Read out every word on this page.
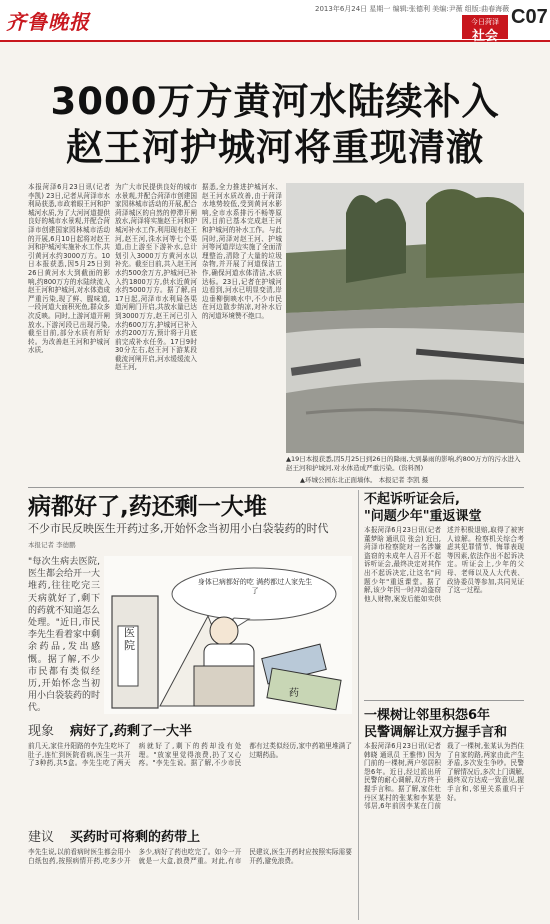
齐鲁晚报
2013年6月24日 星期一 编辑:张德利 美编:尹薇 组版:曲春海薇
今日菏泽
社会
C07
3000万方黄河水陆续补入
赵王河护城河将重现清澈
本报菏泽6月23日讯(记者 李凯) 23日,记者从菏泽市水利局获悉,市政着眼王河和护城河水质,为了大河河道提供良好的城市水景观,并配合菏泽市创建国家园林城市活动的开展,6月10日起将对赵王河和护城河实施补水工作,共引黄河水约3000万方。10日本报获悉,因5月25日到26日黄河水大到截面的影响,约800万方的水陆续流入赵王河和护城河,对水体造成严重污染,现了鲜、腥味道,一段河道大面积死鱼,群众多次反映。同时,上游河道开闸放水,下游河段已出现污染,截至目前,部分水质有所好转。为改善赵王河和护城河水质,
为广大市民提供良好的城市水景观,并配合菏泽市创建国家园林城市活动的开展,配合菏泽城区的自然的停滞开闸放水,菏泽将实施赵王河和护城河补水工作,利用现有赵王河,赵王河,洙水河等七个渠道,由上游至下游补水,总计划引入3000万方黄河水以补充。截至目前,共入赵王河水约500余万方,护城河已补入约1800万方,供水近黄河水约5000万方。据了解,自17日起,菏泽市水利局各渠道河闸门开启,共放水量已达到3000万方,赵王河已引入水约600万方,护城河已补入水约200万方,预计将于月底前完成补水任务。17日9时30分左右,赵王河下游某段截流河闸开启,河水缓缓流入赵王河,
据悉,全力推进护城河水、赵王河水质改善,由于菏泽水地势较低,受到黄河水影响,全市水系排污不畅等原因,目前已基本完成赵王河和护城河的补水工作。与此同时,菏泽对赵王河、护城河等河道岸边实施了全面清理整治,清除了大量的垃圾杂物,并开展了河道保洁工作,确保河道水体清洁,水质达标。23日,记者在护城河边看到,河水已明显变清,岸边垂柳倒映水中,不少市民在河边散步纳凉,对补水后的河道环境赞不绝口。
▲19日本报获悉,因5月25日到26日的降雨,大到暴雨的影响,约800万方的污水进入赵王河和护城河,对水体造成严重污染。(资料图)
▲环城公园东北正面墙体。 本报记者 李凯 摄
病都好了,药还剩一大堆
不少市民反映医生开药过多,开始怀念当初用小白袋装药的时代
本报记者 李德鹏
"每次生病去医院,医生都会给开一大堆药,往往吃完三天病就好了,剩下的药就不知道怎么处理。"近日,市民李先生看着家中剩余药品,发出感慨。据了解,不少市民都有类似经历,开始怀念当初用小白袋装药的时代。
身体已病都好的吃 满药都过人家先生了
医院
药
现象 病好了,药剩了一大半
前几天,家住丹阳路的李先生吃坏了肚子,连忙到医院看病,医生一共开了3种药,共5盒。李先生吃了两天病就好了,剩下的药却没有处理。"放家里觉得浪费,扔了又心疼。"李先生说。据了解,不少市民都有过类似经历,家中药箱里堆满了过期药品。
建议 买药时可将剩的药带上
李先生说,以前看病时医生都会用小白纸包药,按照病情开药,吃多少开多少,病好了药也吃完了。如今一开就是一大盒,浪费严重。对此,有市民建议,医生开药时应按照实际需要开药,避免浪费。
不起诉听证会后,
"问题少年"重返课堂
本报菏泽6月23日讯(记者 董梦晗 通讯员 张会) 近日,菏泽市检察院对一名涉嫌盗窃的未成年人召开不起诉听证会,最终决定对其作出不起诉决定,让这名"问题少年"重返课堂。据了解,该少年因一时冲动盗窃他人财物,案发后能如实供述并积极退赔,取得了被害人谅解。检察机关综合考虑其犯罪情节、悔罪表现等因素,依法作出不起诉决定。听证会上,少年的父母、老师以及人大代表、政协委员等参加,共同见证了这一过程。
一棵树让邻里积怨6年
民警调解让双方握手言和
本报菏泽6月23日讯(记者 韩晓 通讯员 王雅伟) 因为门前的一棵树,两户邻居积怨6年。近日,经过派出所民警的耐心调解,双方终于握手言和。据了解,家住牡丹区某村的张某和李某是邻居,6年前因李某在门前栽了一棵树,张某认为挡住了自家的路,两家由此产生矛盾,多次发生争吵。民警了解情况后,多次上门调解,最终双方达成一致意见,握手言和,邻里关系重归于好。
